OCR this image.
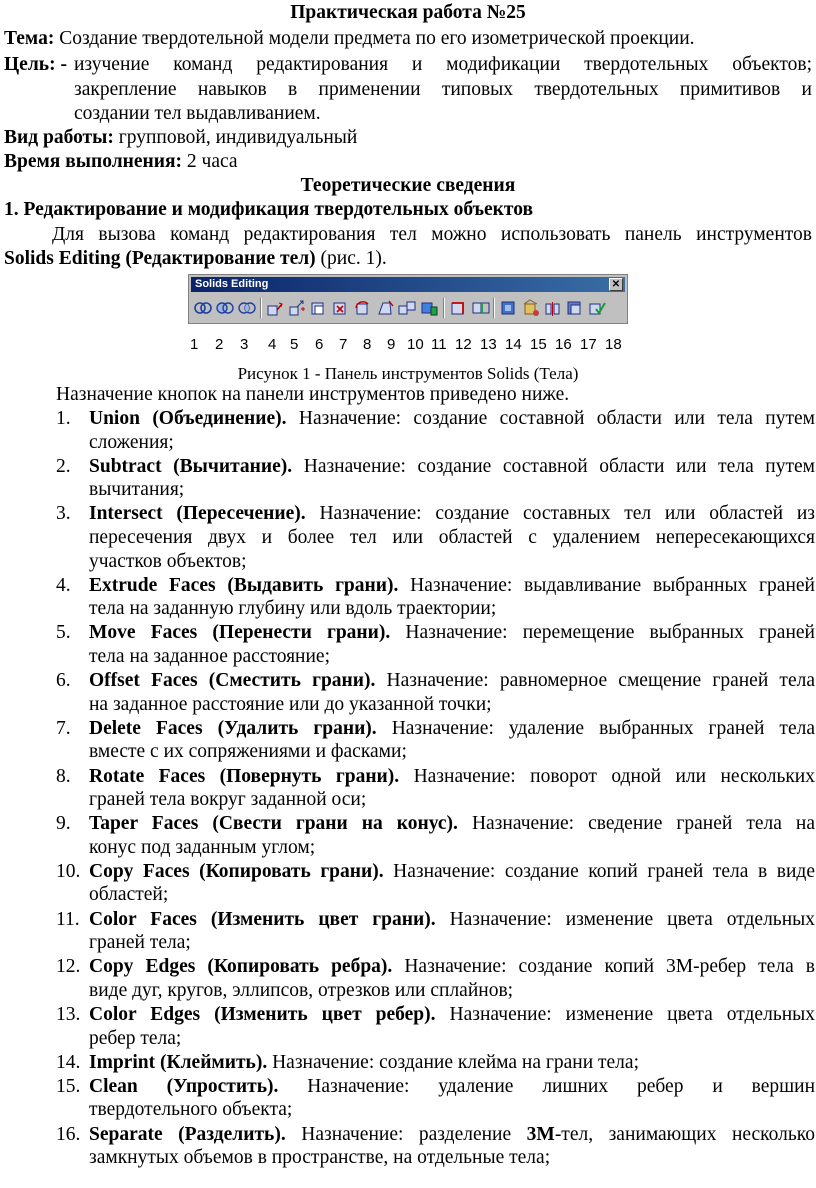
Практическая работа №25
Тема: Создание твердотельной модели предмета по его изометрической проекции.
Цель: - изучение команд редактирования и модификации твердотельных объектов;
закрепление навыков в применении типовых твердотельных примитивов и
создании тел выдавливанием.
Вид работы: групповой, индивидуальный
Время выполнения: 2 часа
Теоретические сведения
1. Редактирование и модификация твердотельных объектов
Для вызова команд редактирования тел можно использовать панель инструментов
Solids Editing (Редактирование тел) (рис. 1).
Solids Editing	✕
1 2 3 4 5 6 7 8 9 10 11 12 13 14 15 16 17 18
Рисунок 1 - Панель инструментов Solids (Тела)
Назначение кнопок на панели инструментов приведено ниже.
1. Union (Объединение). Назначение: создание составной области или тела путем
сложения;
2. Subtract (Вычитание). Назначение: создание составной области или тела путем
вычитания;
3. Intersect (Пересечение). Назначение: создание составных тел или областей из
пересечения двух и более тел или областей с удалением непересекающихся
участков объектов;
4. Extrude Faces (Выдавить грани). Назначение: выдавливание выбранных граней
тела на заданную глубину или вдоль траектории;
5. Move Faces (Перенести грани). Назначение: перемещение выбранных граней
тела на заданное расстояние;
6. Offset Faces (Сместить грани). Назначение: равномерное смещение граней тела
на заданное расстояние или до указанной точки;
7. Delete Faces (Удалить грани). Назначение: удаление выбранных граней тела
вместе с их сопряжениями и фасками;
8. Rotate Faces (Повернуть грани). Назначение: поворот одной или нескольких
граней тела вокруг заданной оси;
9. Taper Faces (Свести грани на конус). Назначение: сведение граней тела на
конус под заданным углом;
10. Copy Faces (Копировать грани). Назначение: создание копий граней тела в виде
областей;
11. Color Faces (Изменить цвет грани). Назначение: изменение цвета отдельных
граней тела;
12. Copy Edges (Копировать ребра). Назначение: создание копий 3М-ребер тела в
виде дуг, кругов, эллипсов, отрезков или сплайнов;
13. Color Edges (Изменить цвет ребер). Назначение: изменение цвета отдельных
ребер тела;
14. Imprint (Клеймить). Назначение: создание клейма на грани тела;
15. Clean (Упростить). Назначение: удаление лишних ребер и вершин
твердотельного объекта;
16. Separate (Разделить). Назначение: разделение 3М-тел, занимающих несколько
замкнутых объемов в пространстве, на отдельные тела;
